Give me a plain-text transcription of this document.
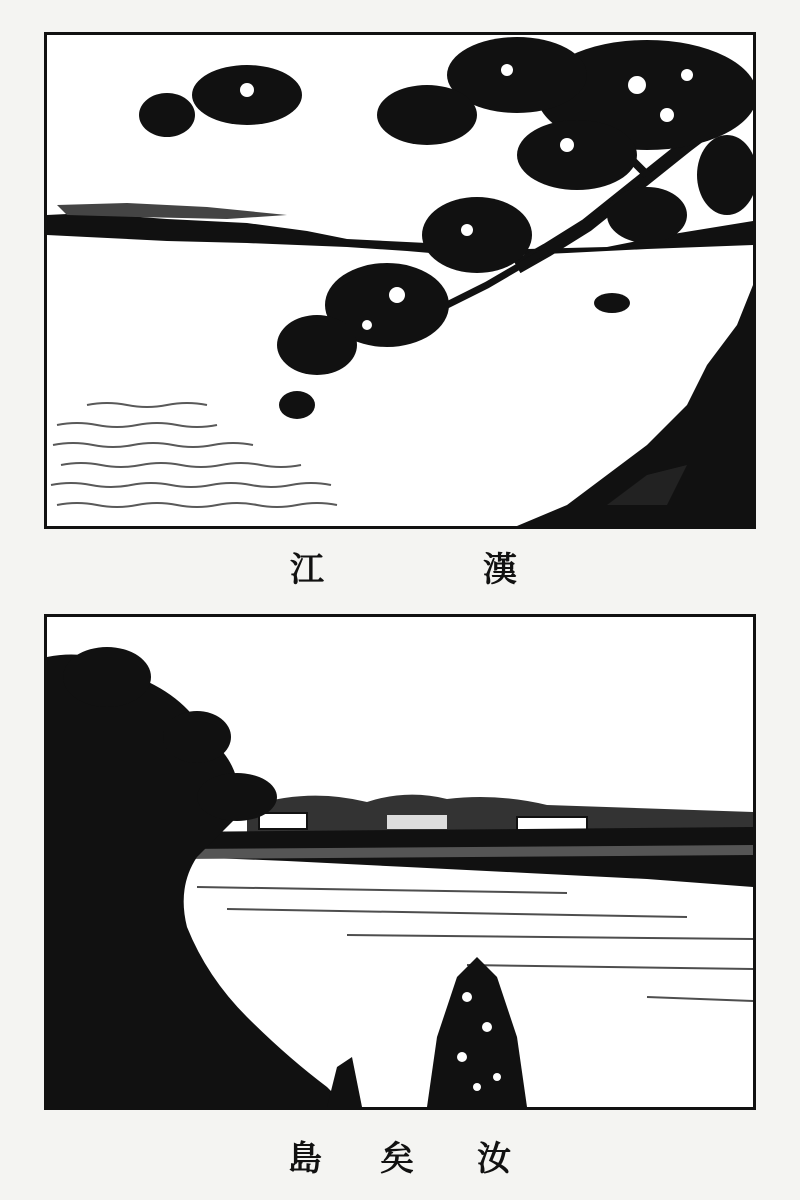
江	漢
島 矣 汝
